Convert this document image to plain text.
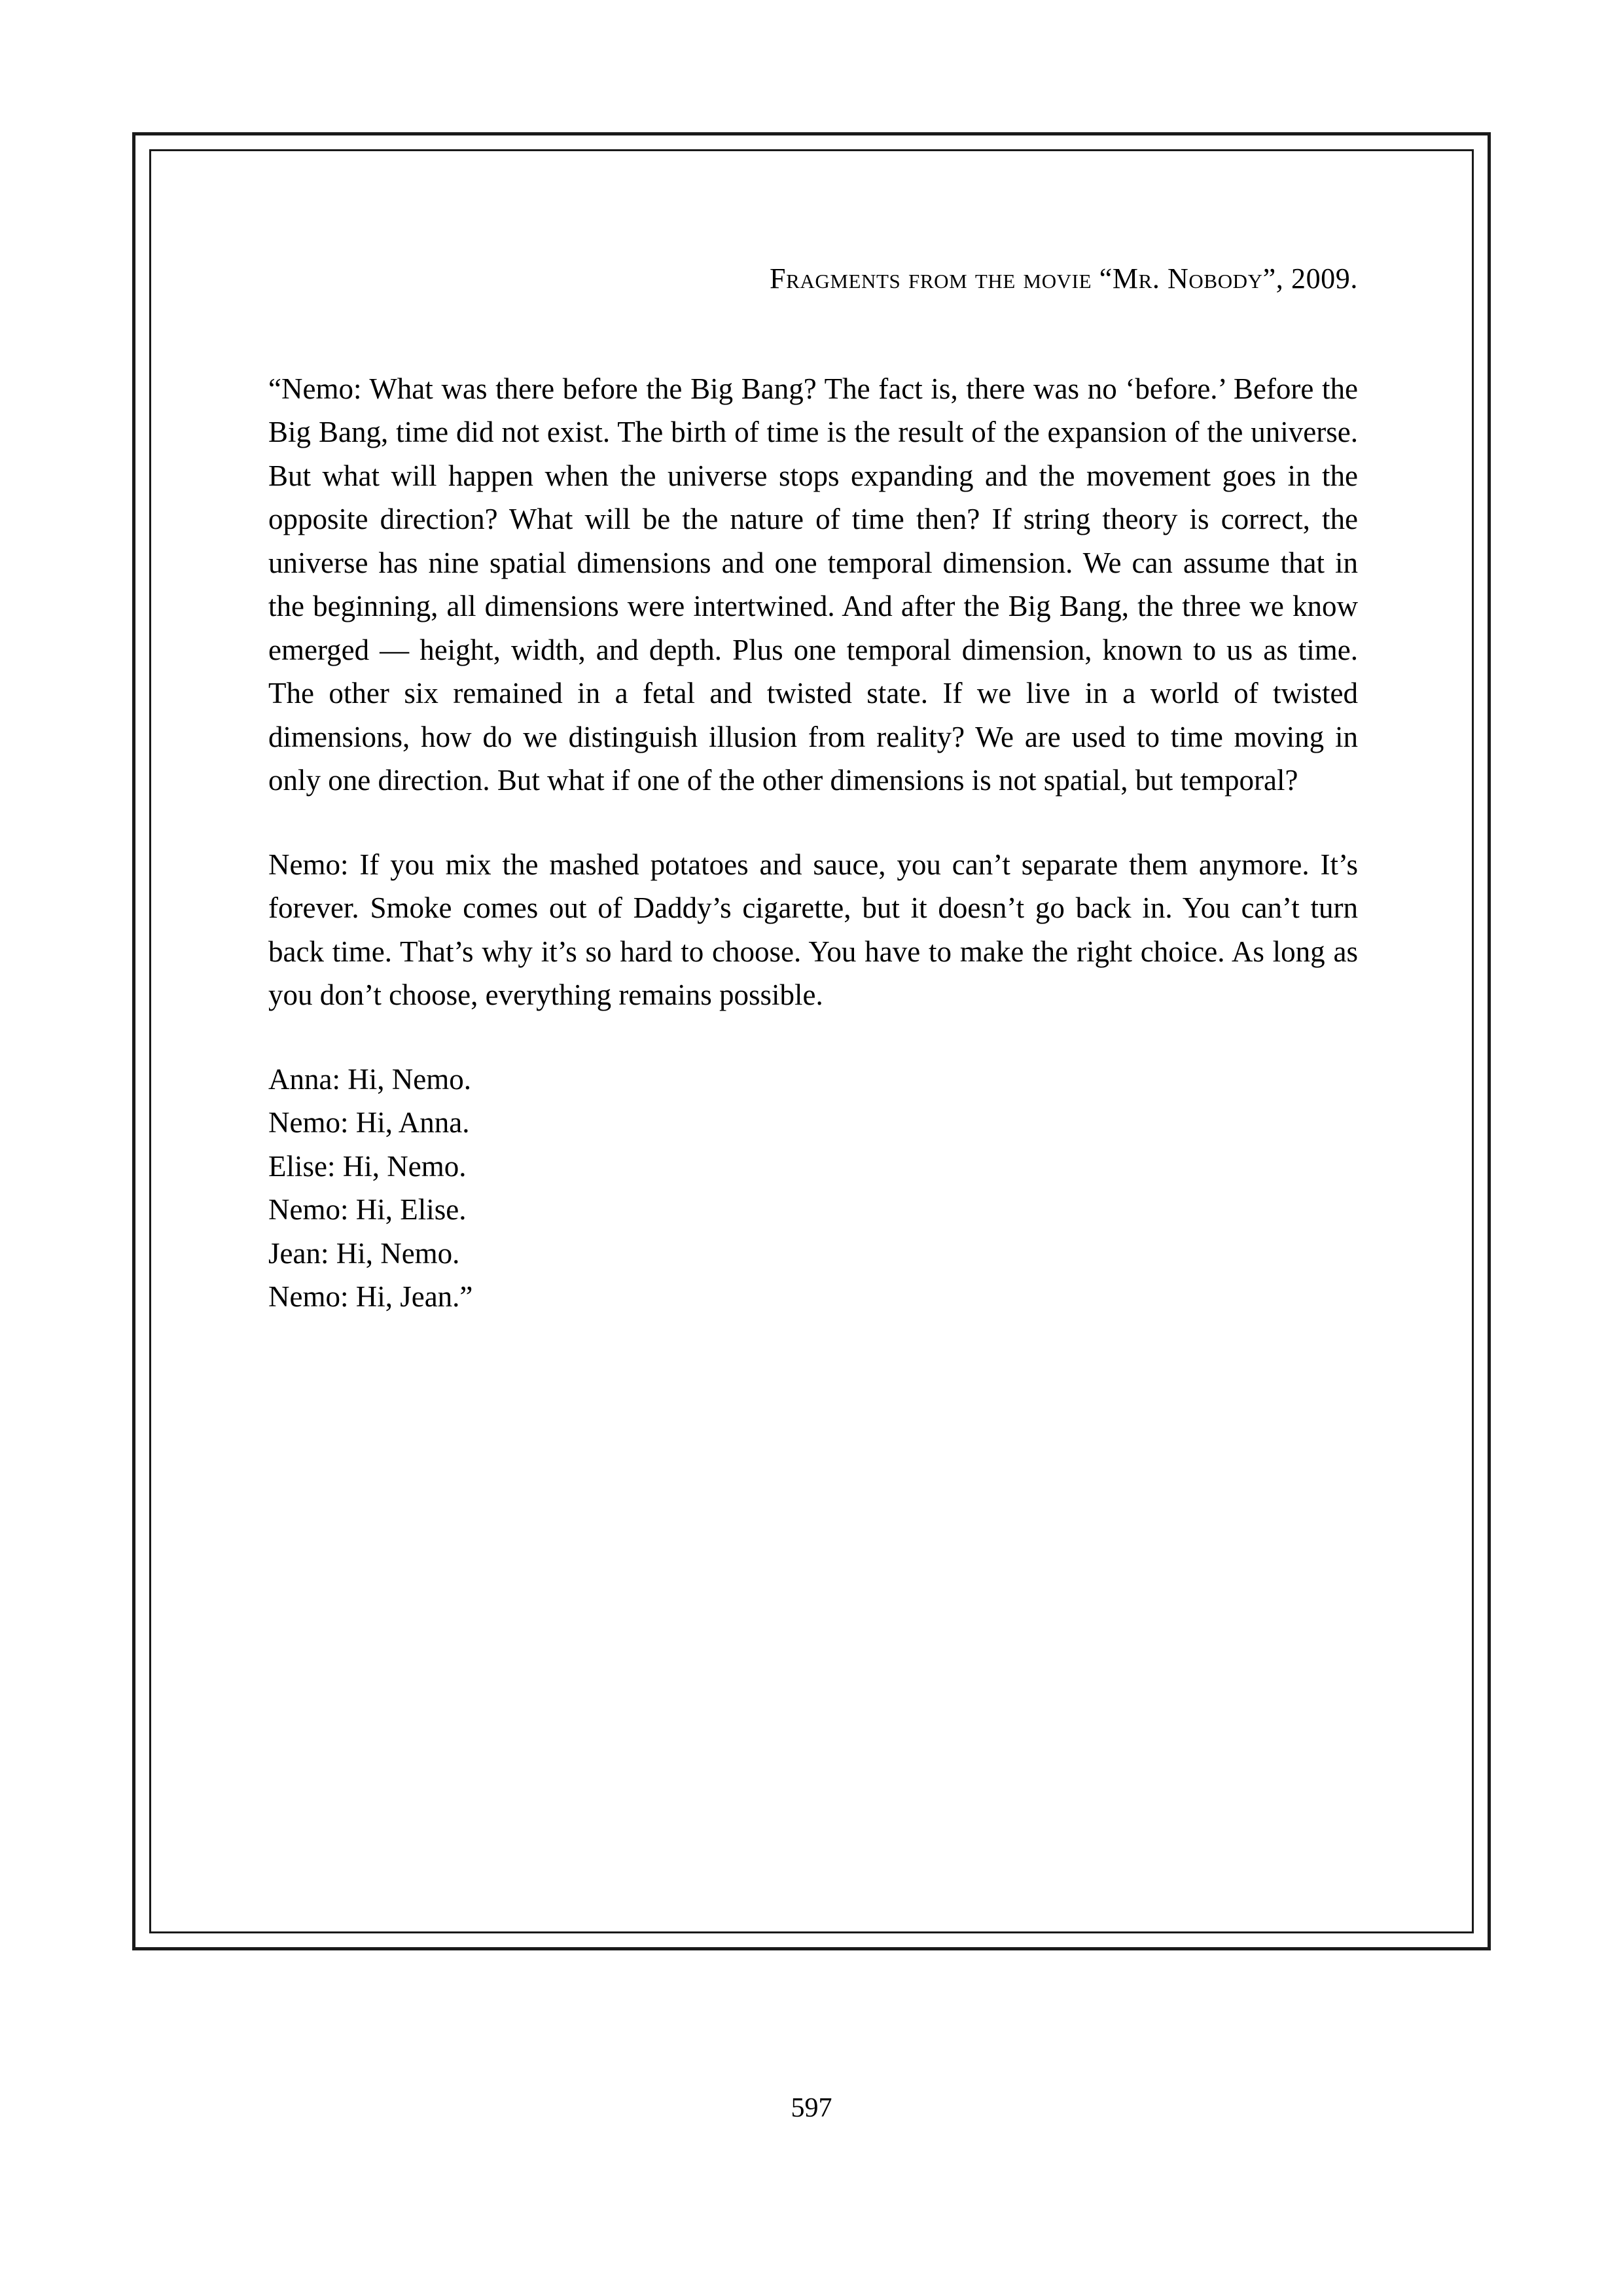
Fragments from the movie “Mr. Nobody”, 2009.

“Nemo: What was there before the Big Bang? The fact is, there was no ‘before.’ Before the Big Bang, time did not exist. The birth of time is the result of the expansion of the universe. But what will happen when the universe stops expanding and the movement goes in the opposite direction? What will be the nature of time then? If string theory is correct, the universe has nine spatial dimensions and one temporal dimension. We can assume that in the beginning, all dimensions were intertwined. And after the Big Bang, the three we know emerged — height, width, and depth. Plus one temporal dimension, known to us as time. The other six remained in a fetal and twisted state. If we live in a world of twisted dimensions, how do we distinguish illusion from reality? We are used to time moving in only one direction. But what if one of the other dimensions is not spatial, but temporal?

Nemo: If you mix the mashed potatoes and sauce, you can’t separate them anymore. It’s forever. Smoke comes out of Daddy’s cigarette, but it doesn’t go back in. You can’t turn back time. That’s why it’s so hard to choose. You have to make the right choice. As long as you don’t choose, everything remains possible.

Anna: Hi, Nemo.

Nemo: Hi, Anna.

Elise: Hi, Nemo.

Nemo: Hi, Elise.

Jean: Hi, Nemo.

Nemo: Hi, Jean.”

597
